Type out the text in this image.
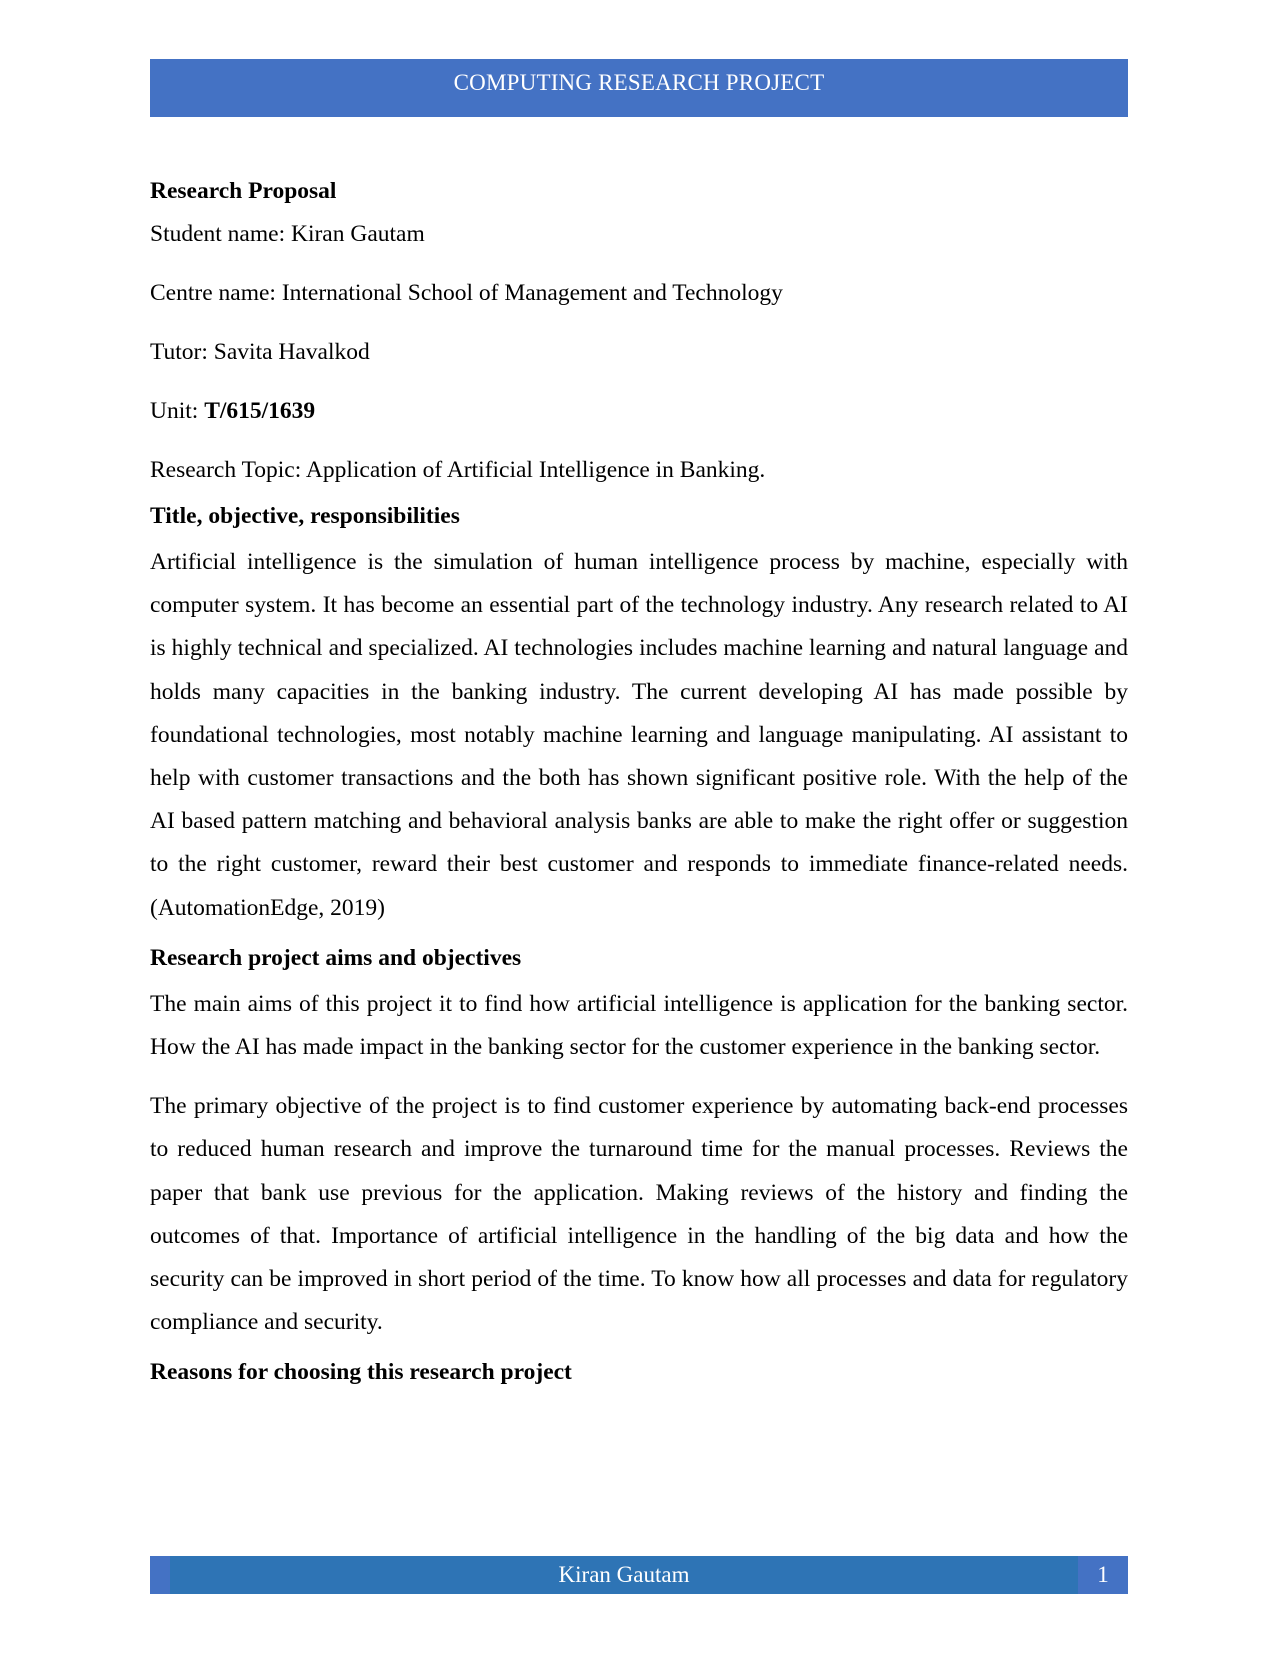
COMPUTING RESEARCH PROJECT

Research Proposal

Student name: Kiran Gautam

Centre name: International School of Management and Technology

Tutor: Savita Havalkod

Unit: T/615/1639

Research Topic: Application of Artificial Intelligence in Banking.

Title, objective, responsibilities

Artificial intelligence is the simulation of human intelligence process by machine, especially with computer system. It has become an essential part of the technology industry. Any research related to AI is highly technical and specialized. AI technologies includes machine learning and natural language and holds many capacities in the banking industry. The current developing AI has made possible by foundational technologies, most notably machine learning and language manipulating. AI assistant to help with customer transactions and the both has shown significant positive role. With the help of the AI based pattern matching and behavioral analysis banks are able to make the right offer or suggestion to the right customer, reward their best customer and responds to immediate finance-related needs. (AutomationEdge, 2019)

Research project aims and objectives

The main aims of this project it to find how artificial intelligence is application for the banking sector. How the AI has made impact in the banking sector for the customer experience in the banking sector.

The primary objective of the project is to find customer experience by automating back-end processes to reduced human research and improve the turnaround time for the manual processes. Reviews the paper that bank use previous for the application. Making reviews of the history and finding the outcomes of that. Importance of artificial intelligence in the handling of the big data and how the security can be improved in short period of the time. To know how all processes and data for regulatory compliance and security.

Reasons for choosing this research project

Kiran Gautam	1
